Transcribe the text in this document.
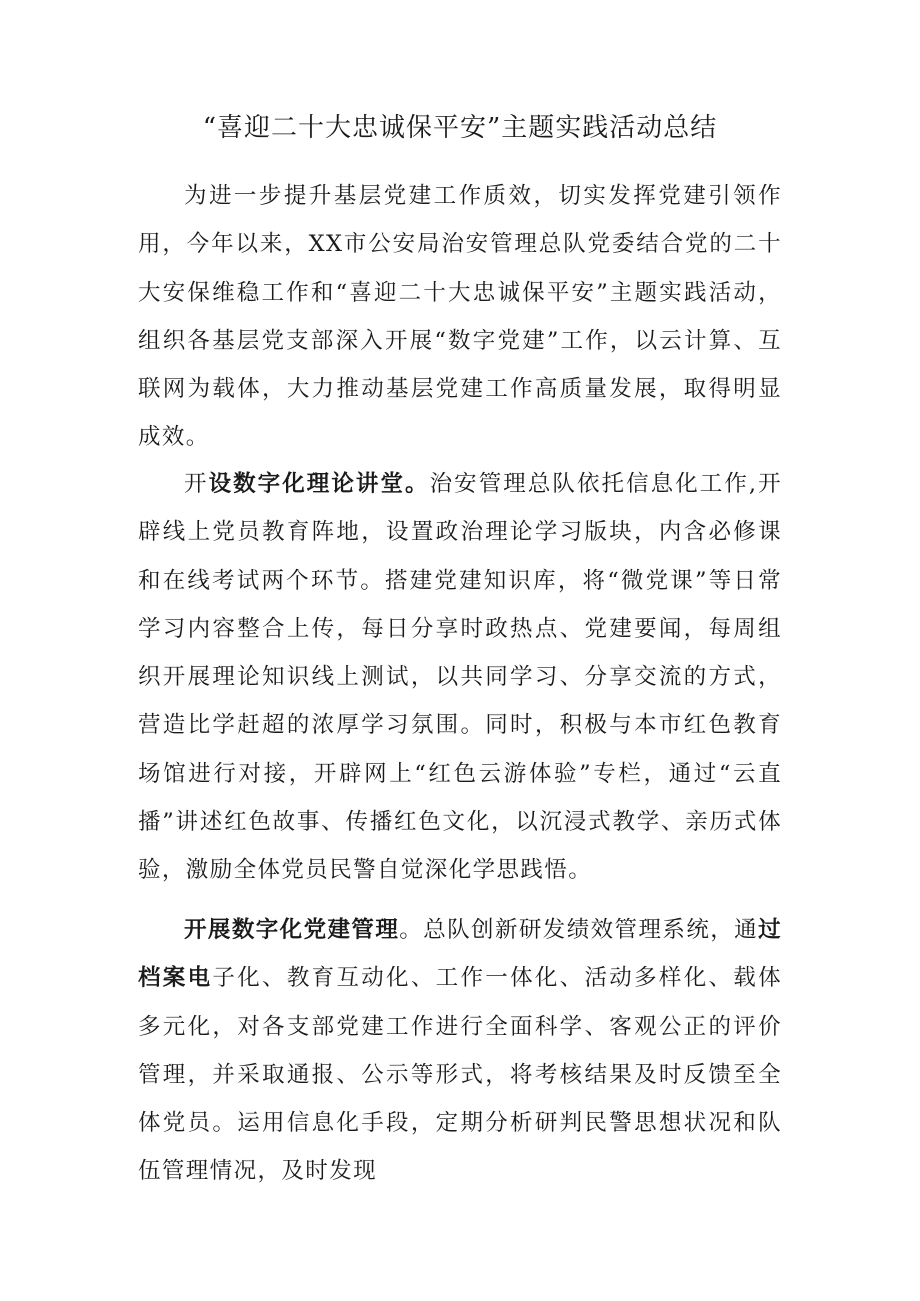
“喜迎二十大忠诚保平安”主题实践活动总结

为进一步提升基层党建工作质效，切实发挥党建引领作用，今年以来，XX市公安局治安管理总队党委结合党的二十大安保维稳工作和“喜迎二十大忠诚保平安”主题实践活动，组织各基层党支部深入开展“数字党建”工作，以云计算、互联网为载体，大力推动基层党建工作高质量发展，取得明显成效。

开设数字化理论讲堂。治安管理总队依托信息化工作,开辟线上党员教育阵地，设置政治理论学习版块，内含必修课和在线考试两个环节。搭建党建知识库，将“微党课”等日常学习内容整合上传，每日分享时政热点、党建要闻，每周组织开展理论知识线上测试，以共同学习、分享交流的方式，营造比学赶超的浓厚学习氛围。同时，积极与本市红色教育场馆进行对接，开辟网上“红色云游体验”专栏，通过“云直播”讲述红色故事、传播红色文化，以沉浸式教学、亲历式体验，激励全体党员民警自觉深化学思践悟。

开展数字化党建管理。总队创新研发绩效管理系统，通过档案电子化、教育互动化、工作一体化、活动多样化、载体多元化，对各支部党建工作进行全面科学、客观公正的评价管理，并采取通报、公示等形式，将考核结果及时反馈至全体党员。运用信息化手段，定期分析研判民警思想状况和队伍管理情况，及时发现
